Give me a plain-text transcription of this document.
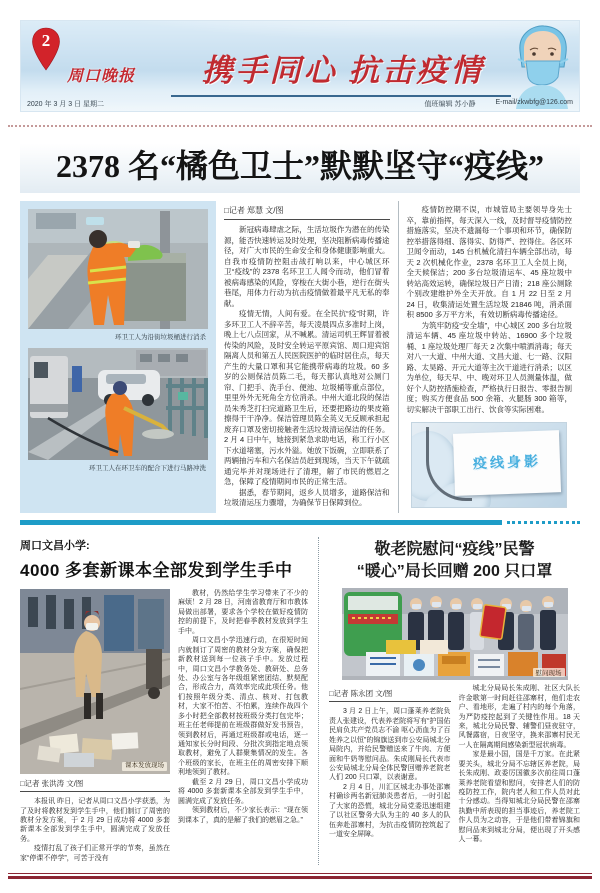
2
周口晚报	携手同心 抗击疫情
2020 年 3 月 3 日 星期二	值班编辑 苏小静	E-mail/zkwbfg@126.com
2378 名“橘色卫士”默默坚守“疫线”
环卫工人为沿街垃圾桶进行消杀
环卫工人在环卫车的配合下进行马路冲洗
□记者 郑慧 文/图

新冠病毒肆虐之际，生活垃圾作为潜在的传染源，能否快速转运及时处理，坚决阻断病毒传播途径，对广大市民的生命安全和身体健康影响重大。自我市疫情防控阻击战打响以来，中心城区环卫“疫线”的 2378 名环卫工人闻令而动，他们冒着被病毒感染的风险，穿梭在大街小巷，逆行在街头巷尾，用体力行动为抗击疫情做着最平凡无私的奉献。

疫情无情，人间有爱。在全民抗“疫”时期，许多环卫工人不辞辛苦，每天凌晨四点多准时上岗，晚上七八点回家，从不喊累。清运司机王辉冒着被传染的风险，及时安全转运平原宾馆、周口迎宾馆隔离人员和第五人民医院医护的临时居住点，每天产生的大量口罩和其它能携带病毒的垃圾。60 多岁的公厕保洁员陈二毛，每天都认真地对公厕门帘、门把手、洗手台、便池、垃圾桶等重点部位，里里外外无死角全方位消杀。中州大道北段的保洁员朱秀芝打扫完道路卫生后，还要把路边的果皮箱擦得干干净净。保洁管理员陈全英义无反顾承担起废弃口罩及密切接触者生活垃圾清运保洁的任务。2 月 4 日中午，她接到紧急求助电话，称工行小区下水道堵塞，污水外溢。她放下饭碗，立即联系了两辆抽污车和六名保洁员赶到现场，当天下午就疏通完毕并对现场进行了清理，解了市民的燃眉之急，保障了疫情期间市民的正常生活。

据悉，春节期间，返乡人员增多，道路保洁和垃圾清运压力骤增，为确保节日保障到位。

疫情防控期不误，市城管局主要领导身先士卒，靠前指挥，每天深入一线，及时督导疫情防控措施落实，坚决不遗漏每一个事项和环节，确保防控举措落得细、落得实、防得严、控得住。各区环卫闻令而动，145 台机械化清扫车辆全部出动，每天 2 次机械化作业，2378 名环卫工人全员上岗，全天候保洁；200 多台垃圾清运车、45 座垃圾中转站高效运转，确保垃圾日产日清；218 座公厕除个别改建维护外全天开放。自 1 月 22 日至 2 月 24 日，收集清运处置生活垃圾 21846 吨，消杀面积 8500 多万平方米，有效切断病毒传播途径。

为筑牢防疫“安全墙”，中心城区 200 多台垃圾清运车辆、45 座垃圾中转站、16900 多个垃圾桶、1 座垃圾处理厂每天 2 次集中喷洒消毒；每天对八一大道、中州大道、文昌大道、七一路、汉阳路、太昊路、开元大道等主次干道进行消杀；以区为单位，每天早、中、晚对环卫人员测量体温，做好个人防控措施检查，严格执行日报告、零报告制度；购买方便食品 500 余箱、火腿肠 300 箱等，切实解决干部职工出行、饮食等实际困难。

疫线身影
周口文昌小学:
4000 多套新课本全部发到学生手中
课本发放现场
□记者 张洪涛 文/图

本报讯 昨日，记者从周口文昌小学获悉，为了及时将教材发到学生手中，他们制订了周密的教材分发方案，于 2 月 29 日成功将 4000 多套新课本全部发到学生手中，圆满完成了发放任务。

疫情打乱了孩子们正常开学的节奏，虽然在家“停课不停学”，可苦于没有

教材，仍然给学生学习带来了不少的麻烦！2 月 28 日，河南省教育厅和市教体局做出部署，要求各个学校在做好疫情防控的前提下，及时把春季教材发放到学生手中。

周口文昌小学迅速行动，在很短时间内就制订了周密的教材分发方案，确保把新教材送到每一位孩子手中。发放过程中，周口文昌小学教务处、教研处、总务处、办公室与各年级组紧密团结、默契配合，形成合力，高效率完成此项任务。他们按照年级分类、清点、核对、打包教材，大家不怕苦、不怕累，连续作战四个多小时把全部教材按班级分类打包完毕；班主任老师提前在班级群做好发书预告，领到教材后，再通过班级群或电话，逐一通知家长分时间段、分批次到指定地点领取教材，避免了人群聚集情况的发生。各个班级的家长，在班主任的周密安排下顺利地领到了教材。

截至 2 月 29 日，周口文昌小学成功将 4000 多套新课本全部发到学生手中，圆满完成了发放任务。

领到教材后，不少家长表示：“现在领到课本了，真的是解了我们的燃眉之急。”

敬老院慰问“疫线”民警
“暖心”局长回赠 200 只口罩
慰问现场
□记者 陈永团 文/图

3 月 2 日上午，周口蓬莱养老院负责人张建设，代表养老院将写有“护国佑民肩负共产党员志不渝 呕心沥血为了百姓养之以恒”的锦旗送到市公安局城北分局院内，并给民警赠送来了牛肉、方便面和牛奶等慰问品。朱成刚局长代表市公安局城北分局全体民警回赠养老院老人们 200 只口罩，以表谢意。

2 月 4 日，川汇区城北办事处邵寨村确诊两名新冠肺炎患者后，一时引起了大家的恐慌，城北分局党委迅速组建了以社区警务大队为主的 40 多人的队伍奔赴邵寨村，为抗击疫情防控筑起了一道安全屏障。

城北分局局长朱成刚、社区大队长许金歌第一时间赶往邵寨村，他们走农户、看地形，走遍了村内的每个角落，为严防疫控起到了关键性作用。18 天来，城北分局民警、辅警们昼夜驻守，风餐露宿，日夜坚守，换来邵寨村民无一人在隔离期间感染新型冠状病毒。

家是最小国，国是千万家。在此紧要关头，城北分局不忘辖区养老院，局长朱成刚、政委厉国徽多次前往周口蓬莱养老院看望和慰问，安排老人们的防疫防控工作，院内老人和工作人员对此十分感动。当得知城北分局民警在邵寨执勤中所表现的担当事迹后，养老院工作人员为之动容，于是他们带着锦旗和慰问品来到城北分局，便出现了开头感人一幕。
